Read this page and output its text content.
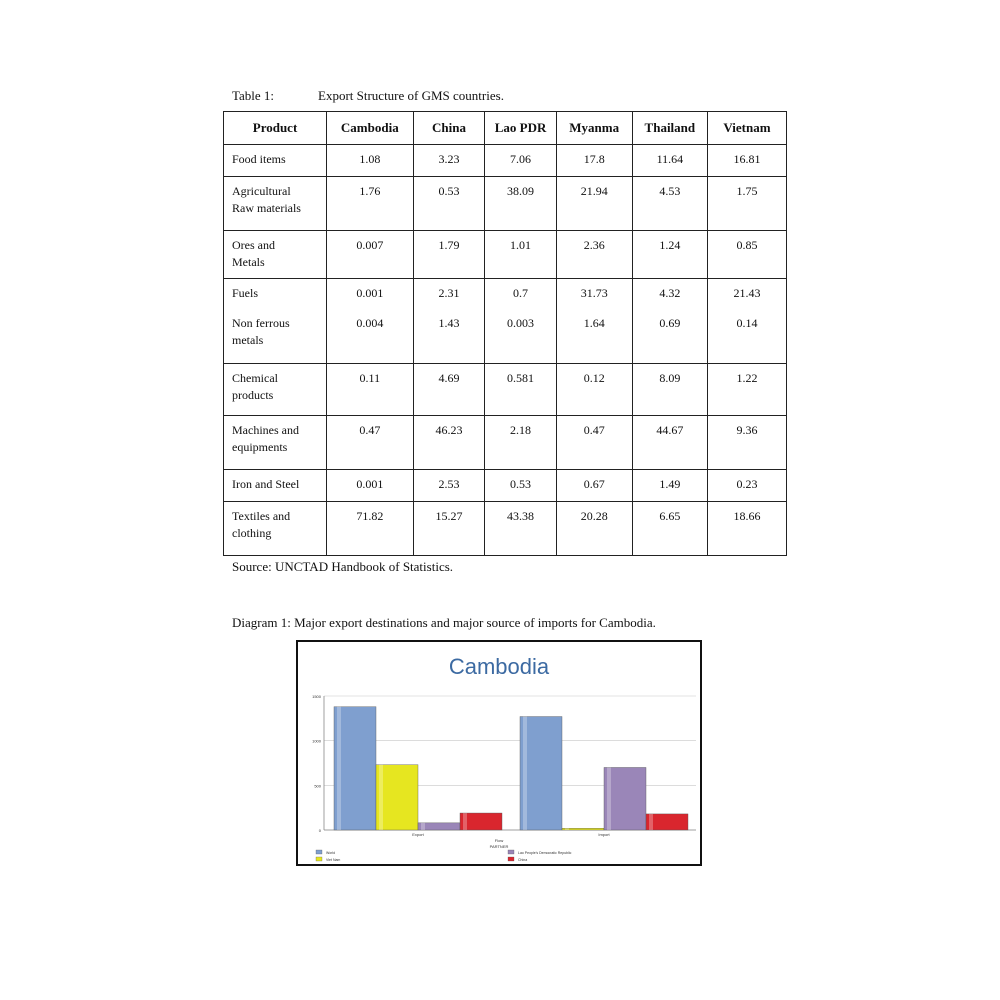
Table 1:	Export Structure of GMS countries.
Product	Cambodia	China	Lao PDR	Myanma	Thailand	Vietnam

Food items	1.08	3.23	7.06	17.8	11.64	16.81

Agricultural
Raw materials	1.76	0.53	38.09	21.94	4.53	1.75

Ores and
Metals	0.007	1.79	1.01	2.36	1.24	0.85

Fuels	0.001	2.31	0.7	31.73	4.32	21.43

Non ferrous
metals	0.004	1.43	0.003	1.64	0.69	0.14

Chemical
products	0.11	4.69	0.581	0.12	8.09	1.22

Machines and
equipments	0.47	46.23	2.18	0.47	44.67	9.36

Iron and Steel	0.001	2.53	0.53	0.67	1.49	0.23

Textiles and
clothing	71.82	15.27	43.38	20.28	6.65	18.66
Source: UNCTAD Handbook of Statistics.
Diagram 1: Major export destinations and major source of imports for Cambodia.
Cambodia
0
500
1000
1500
Export	Import
Flow
PARTNER
World
Viet Nam
Lao People's Democratic Republic
China
